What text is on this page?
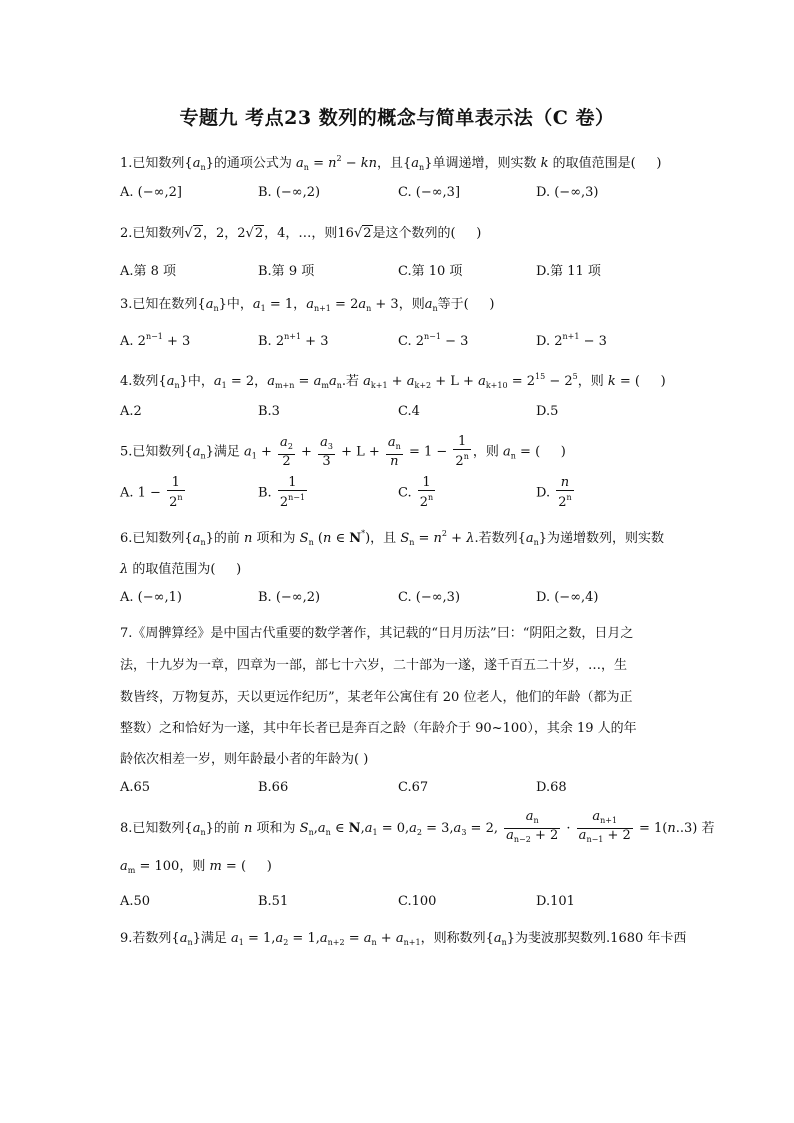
专题九 考点23 数列的概念与简单表示法（C 卷）
1.已知数列$\{a_n\}$的通项公式为 $a_n = n^2$ − kn，且$\{a_n\}$单调递增，则实数 k 的取值范围是(     )
A. (−∞,2]	B. (−∞,2)	C. (−∞,3]	D. (−∞,3)
2.已知数列√2，2，2√2，4，…，则16√2是这个数列的(     )
A.第 8 项	B.第 9 项	C.第 10 项	D.第 11 项
3.已知在数列$\{a_n\}$中，$a_1 = 1$，$a_{n+1} = 2a_n + 3$，则$a_n$等于(     )
A. $2^{n-1} + 3$	B. $2^{n+1} + 3$	C. $2^{n-1} - 3$	D. $2^{n+1} - 3$
4.数列$\{a_n\}$中，$a_1 = 2$，$a_{m+n} = a_ma_n$.若 $a_{k+1} + a_{k+2} + L + a_{k+10} = 2^{15} - 2^5$，则 k = (     )
A.2	B.3	C.4	D.5
5.已知数列$\{a_n\}$满足 $a_1 + \frac{a_2}{2} + \frac{a_3}{3} + L + \frac{a_n}{n} = 1 - \frac{1}{2^n}$ ，则 $a_n$ = (     )
A. $1 - \frac{1}{2^n}$	B. $\frac{1}{2^{n-1}}$	C. $\frac{1}{2^n}$	D. $\frac{n}{2^n}$
6.已知数列$\{a_n\}$的前 n 项和为 $S_n$ (n ∈ N*)，且 $S_n = n^2 + \lambda$.若数列$\{a_n\}$为递增数列，则实数
λ 的取值范围为(     )
A. (−∞,1)	B. (−∞,2)	C. (−∞,3)	D. (−∞,4)
7.《周髀算经》是中国古代重要的数学著作，其记载的“日月历法”曰：“阴阳之数，日月之
法，十九岁为一章，四章为一部，部七十六岁，二十部为一遂，遂千百五二十岁，…，生
数皆终，万物复苏，天以更远作纪历”，某老年公寓住有 20 位老人，他们的年龄（都为正
整数）之和恰好为一遂，其中年长者已是奔百之龄（年龄介于 90~100），其余 19 人的年
龄依次相差一岁，则年龄最小者的年龄为( )
A.65	B.66	C.67	D.68
8.已知数列$\{a_n\}$的前 n 项和为 $S_n,a_n$ ∈ $N,a_1 = 0,a_2 = 3,a_3 = 2$, $\frac{a_n}{a_{n-2} + 2} \cdot \frac{a_{n+1}}{a_{n-1} + 2} = 1(n..3)$ 若
$a_m = 100$，则 m = (     )
A.50	B.51	C.100	D.101
9.若数列$\{a_n\}$满足 $a_1 = 1,a_2 = 1,a_{n+2} = a_n + a_{n+1}$，则称数列$\{a_n\}$为斐波那契数列.1680 年卡西
